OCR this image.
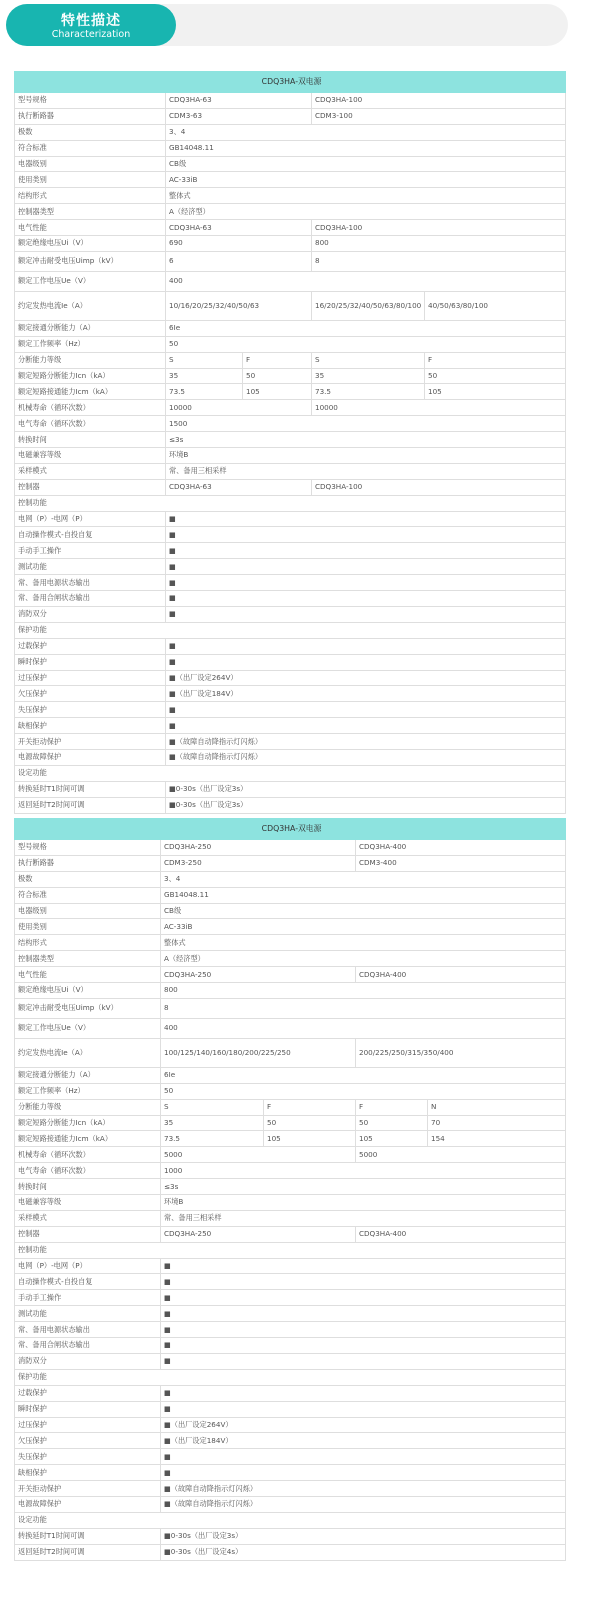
特性描述
Characterization
CDQ3HA-双电源				
型号规格	CDQ3HA-63		CDQ3HA-100	
执行断路器	CDM3-63		CDM3-100	
极数	3、4			
符合标准	GB14048.11			
电器级别	CB级			
使用类别	AC-33iB			
结构形式	整体式			
控制器类型	A（经济型）			
电气性能	CDQ3HA-63		CDQ3HA-100	
额定绝缘电压Ui（V）	690		800	
额定冲击耐受电压Uimp（kV）	6		8	
额定工作电压Ue（V）	400			
约定发热电流Ie（A）	10/16/20/25/32/40/50/63		16/20/25/32/40/50/63/80/100	40/50/63/80/100
额定接通分断能力（A）	6Ie			
额定工作频率（Hz）	50			
分断能力等级	S	F	S	F
额定短路分断能力Icn（kA）	35	50	35	50
额定短路接通能力Icm（kA）	73.5	105	73.5	105
机械寿命（循环次数）	10000		10000	
电气寿命（循环次数）	1500			
转换时间	≤3s			
电磁兼容等级	环境B			
采样模式	常、备用三相采样			
控制器	CDQ3HA-63		CDQ3HA-100	
控制功能				
电网（P）-电网（P）	■			
自动操作模式-自投自复	■			
手动手工操作	■			
测试功能	■			
常、备用电源状态输出	■			
常、备用合闸状态输出	■			
消防双分	■			
保护功能				
过载保护	■			
瞬时保护	■			
过压保护	■（出厂设定264V）			
欠压保护	■（出厂设定184V）			
失压保护	■			
缺相保护	■			
开关拒动保护	■（故障自动降指示灯闪烁）			
电源故障保护	■（故障自动降指示灯闪烁）			
设定功能				
转换延时T1时间可调	■0-30s（出厂设定3s）			
返回延时T2时间可调	■0-30s（出厂设定3s）			
CDQ3HA-双电源				
型号规格	CDQ3HA-250		CDQ3HA-400	
执行断路器	CDM3-250		CDM3-400	
极数	3、4			
符合标准	GB14048.11			
电器级别	CB级			
使用类别	AC-33iB			
结构形式	整体式			
控制器类型	A（经济型）			
电气性能	CDQ3HA-250		CDQ3HA-400	
额定绝缘电压Ui（V）	800			
额定冲击耐受电压Uimp（kV）	8			
额定工作电压Ue（V）	400			
约定发热电流Ie（A）	100/125/140/160/180/200/225/250		200/225/250/315/350/400	
额定接通分断能力（A）	6Ie			
额定工作频率（Hz）	50			
分断能力等级	S	F	F	N
额定短路分断能力Icn（kA）	35	50	50	70
额定短路接通能力Icm（kA）	73.5	105	105	154
机械寿命（循环次数）	5000		5000	
电气寿命（循环次数）	1000			
转换时间	≤3s			
电磁兼容等级	环境B			
采样模式	常、备用三相采样			
控制器	CDQ3HA-250		CDQ3HA-400	
控制功能				
电网（P）-电网（P）	■			
自动操作模式-自投自复	■			
手动手工操作	■			
测试功能	■			
常、备用电源状态输出	■			
常、备用合闸状态输出	■			
消防双分	■			
保护功能				
过载保护	■			
瞬时保护	■			
过压保护	■（出厂设定264V）			
欠压保护	■（出厂设定184V）			
失压保护	■			
缺相保护	■			
开关拒动保护	■（故障自动降指示灯闪烁）			
电源故障保护	■（故障自动降指示灯闪烁）			
设定功能				
转换延时T1时间可调	■0-30s（出厂设定3s）			
返回延时T2时间可调	■0-30s（出厂设定4s）			
